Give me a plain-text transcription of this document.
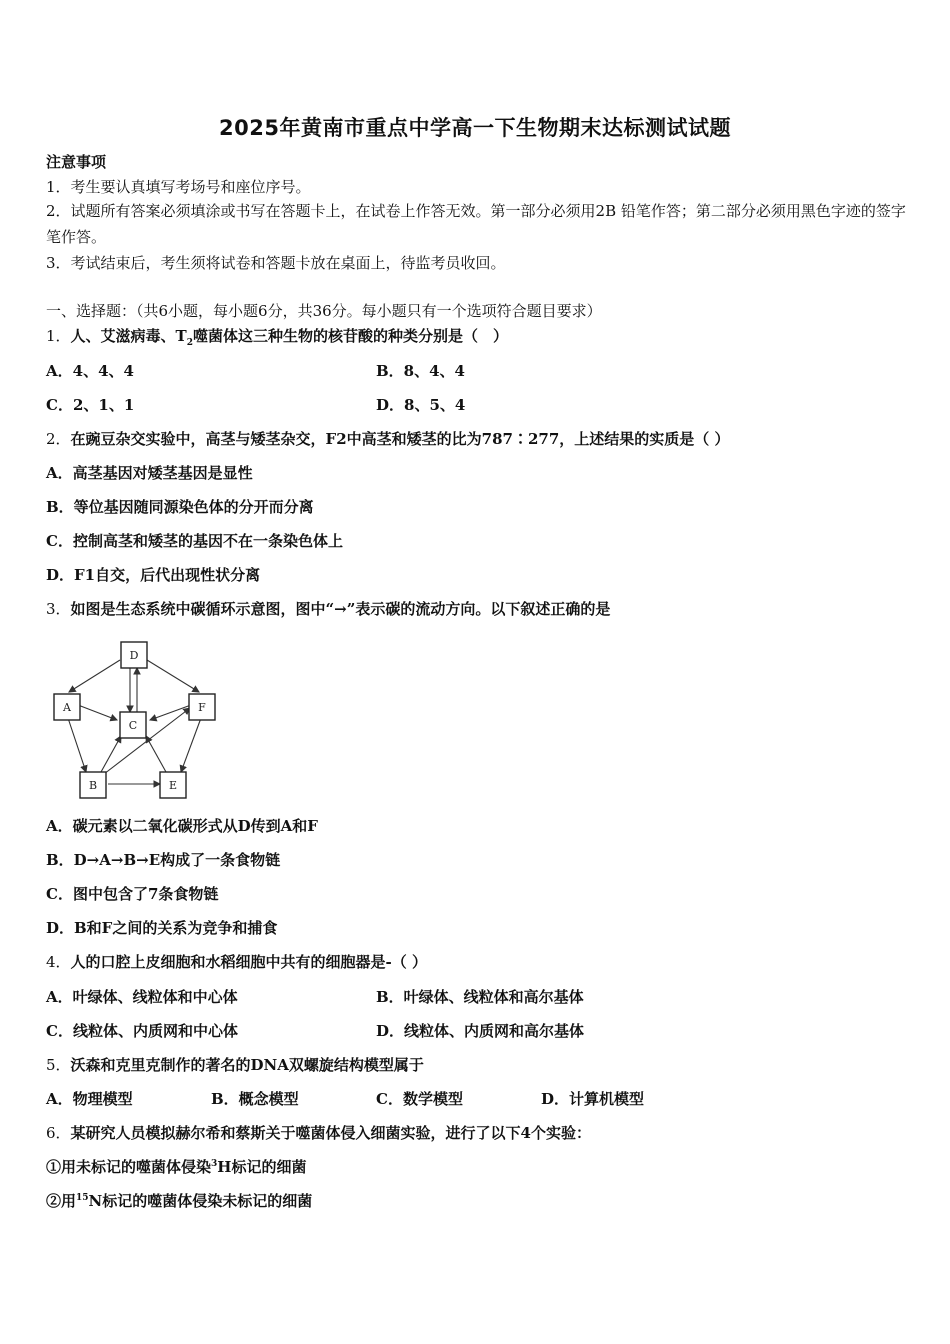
2025年黄南市重点中学高一下生物期末达标测试试题
注意事项
1．考生要认真填写考场号和座位序号。
2．试题所有答案必须填涂或书写在答题卡上，在试卷上作答无效。第一部分必须用2B 铅笔作答；第二部分必须用黑色字迹的签字笔作答。
3．考试结束后，考生须将试卷和答题卡放在桌面上，待监考员收回。
一、选择题：（共6小题，每小题6分，共36分。每小题只有一个选项符合题目要求）
1．人、艾滋病毒、$T_2$噬菌体这三种生物的核苷酸的种类分别是（　）
A．4、4、4	B．8、4、4
C．2、1、1	D．8、5、4
2．在豌豆杂交实验中，高茎与矮茎杂交，F2中高茎和矮茎的比为787∶277，上述结果的实质是（ ）
A．高茎基因对矮茎基因是显性
B．等位基因随同源染色体的分开而分离
C．控制高茎和矮茎的基因不在一条染色体上
D．F1自交，后代出现性状分离
3．如图是生态系统中碳循环示意图，图中“→”表示碳的流动方向。以下叙述正确的是
D
A
C
F
B	E
A．碳元素以二氧化碳形式从D传到A和F
B．D→A→B→E构成了一条食物链
C．图中包含了7条食物链
D．B和F之间的关系为竞争和捕食
4．人的口腔上皮细胞和水稻细胞中共有的细胞器是-（ ）
A．叶绿体、线粒体和中心体	B．叶绿体、线粒体和高尔基体
C．线粒体、内质网和中心体	D．线粒体、内质网和高尔基体
5．沃森和克里克制作的著名的DNA双螺旋结构模型属于
A．物理模型	B．概念模型	C．数学模型	D．计算机模型
6．某研究人员模拟赫尔希和蔡斯关于噬菌体侵入细菌实验，进行了以下4个实验：
①用未标记的噬菌体侵染$^3$H标记的细菌
②用$^{15}$N标记的噬菌体侵染未标记的细菌
